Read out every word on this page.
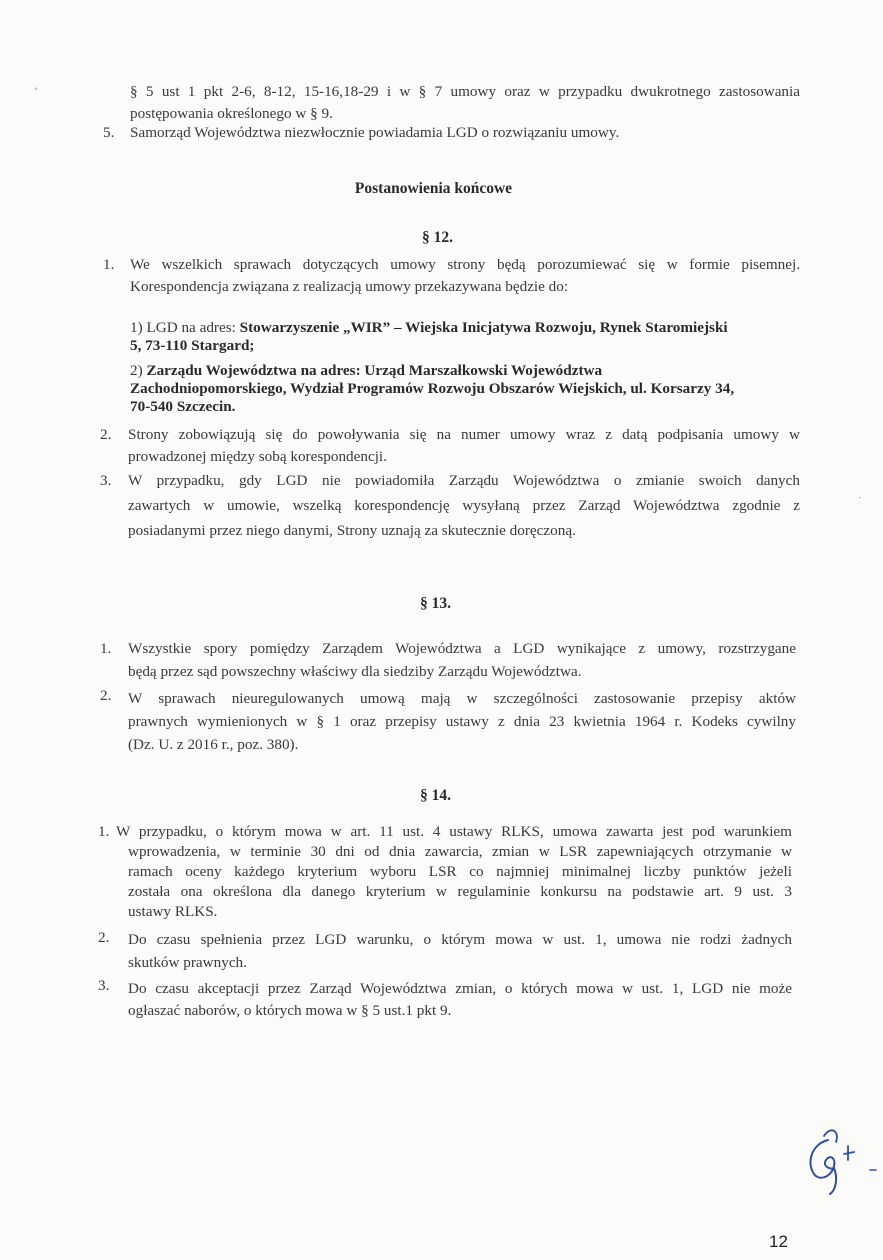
§ 5 ust 1 pkt 2-6, 8-12, 15-16,18-29 i w § 7 umowy oraz w przypadku dwukrotnego zastosowania
postępowania określonego w § 9.
5. Samorząd Województwa niezwłocznie powiadamia LGD o rozwiązaniu umowy.
Postanowienia końcowe
§ 12.
1. We wszelkich sprawach dotyczących umowy strony będą porozumiewać się w formie pisemnej.
Korespondencja związana z realizacją umowy przekazywana będzie do:
1) LGD na adres: Stowarzyszenie „WIR” – Wiejska Inicjatywa Rozwoju, Rynek Staromiejski
5, 73-110 Stargard;
2) Zarządu Województwa na adres: Urząd Marszałkowski Województwa
Zachodniopomorskiego, Wydział Programów Rozwoju Obszarów Wiejskich, ul. Korsarzy 34,
70-540 Szczecin.
2. Strony zobowiązują się do powoływania się na numer umowy wraz z datą podpisania umowy w
prowadzonej między sobą korespondencji.
3. W przypadku, gdy LGD nie powiadomiła Zarządu Województwa o zmianie swoich danych
zawartych w umowie, wszelką korespondencję wysyłaną przez Zarząd Województwa zgodnie z
posiadanymi przez niego danymi, Strony uznają za skutecznie doręczoną.
§ 13.
1. Wszystkie spory pomiędzy Zarządem Województwa a LGD wynikające z umowy, rozstrzygane
będą przez sąd powszechny właściwy dla siedziby Zarządu Województwa.
2. W sprawach nieuregulowanych umową mają w szczególności zastosowanie przepisy aktów
prawnych wymienionych w § 1 oraz przepisy ustawy z dnia 23 kwietnia 1964 r. Kodeks cywilny
(Dz. U. z 2016 r., poz. 380).
§ 14.
1. W przypadku, o którym mowa w art. 11 ust. 4 ustawy RLKS, umowa zawarta jest pod warunkiem
wprowadzenia, w terminie 30 dni od dnia zawarcia, zmian w LSR zapewniających otrzymanie w
ramach oceny każdego kryterium wyboru LSR co najmniej minimalnej liczby punktów jeżeli
została ona określona dla danego kryterium w regulaminie konkursu na podstawie art. 9 ust. 3
ustawy RLKS.
2. Do czasu spełnienia przez LGD warunku, o którym mowa w ust. 1, umowa nie rodzi żadnych
skutków prawnych.
3. Do czasu akceptacji przez Zarząd Województwa zmian, o których mowa w ust. 1, LGD nie może
ogłaszać naborów, o których mowa w § 5 ust.1 pkt 9.
◦
ˏ
12
